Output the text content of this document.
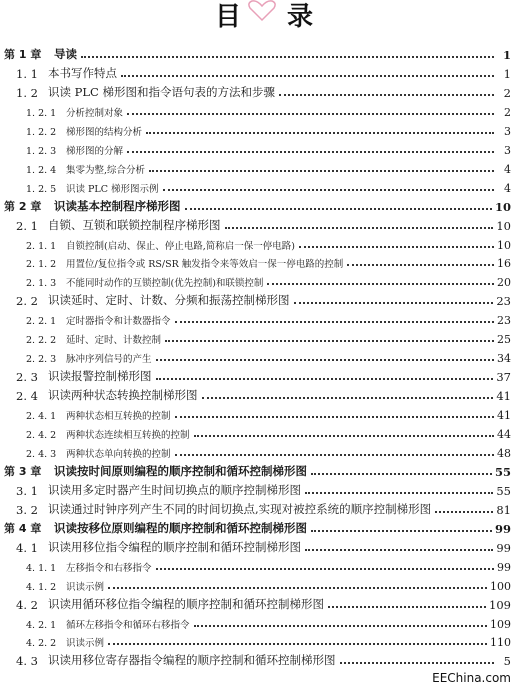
目 录
第 1 章	导读	1
1. 1 本书写作特点	1
1. 2 识读 PLC 梯形图和指令语句表的方法和步骤	2
1. 2. 1	分析控制对象	2
1. 2. 2	梯形图的结构分析	3
1. 2. 3	梯形图的分解	3
1. 2. 4	集零为整,综合分析	4
1. 2. 5	识读 PLC 梯形图示例	4
第 2 章	识读基本控制程序梯形图	10
2. 1 自锁、互锁和联锁控制程序梯形图	10
2. 1. 1	自锁控制(启动、保止、停止电路,简称启一保一停电路)	10
2. 1. 2	用置位/复位指令或 RS/SR 触发指令来等效启一保一停电路的控制	16
2. 1. 3	不能同时动作的互锁控制(优先控制)和联锁控制	20
2. 2 识读延时、定时、计数、分频和振荡控制梯形图	23
2. 2. 1	定时器指令和计数器指令	23
2. 2. 2	延时、定时、计数控制	25
2. 2. 3	脉冲序列信号的产生	34
2. 3 识读报警控制梯形图	37
2. 4 识读两种状态转换控制梯形图	41
2. 4. 1	两种状态相互转换的控制	41
2. 4. 2	两种状态连续相互转换的控制	44
2. 4. 3	两种状态单向转换的控制	48
第 3 章	识读按时间原则编程的顺序控制和循环控制梯形图	55
3. 1 识读用多定时器产生时间切换点的顺序控制梯形图	55
3. 2 识读通过时钟序列产生不同的时间切换点,实现对被控系统的顺序控制梯形图	81
第 4 章	识读按移位原则编程的顺序控制和循环控制梯形图	99
4. 1 识读用移位指令编程的顺序控制和循环控制梯形图	99
4. 1. 1	左移指令和右移指令	99
4. 1. 2	识读示例	100
4. 2 识读用循环移位指令编程的顺序控制和循环控制梯形图	109
4. 2. 1	循环左移指令和循环右移指令	109
4. 2. 2	识读示例	110
4. 3 识读用移位寄存器指令编程的顺序控制和循环控制梯形图	5
EEChina.com
